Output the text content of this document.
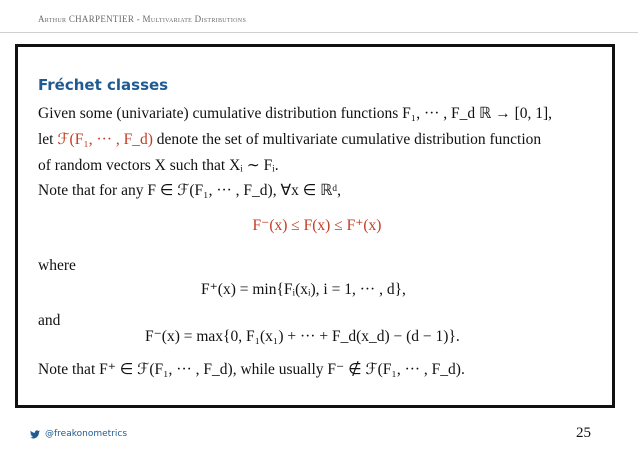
Arthur CHARPENTIER - Multivariate Distributions
Fréchet classes
Given some (univariate) cumulative distribution functions F₁, ··· , F_d ℝ → [0, 1],
let ℱ(F₁, ··· , F_d) denote the set of multivariate cumulative distribution function
of random vectors X such that Xᵢ ∼ Fᵢ.
Note that for any F ∈ ℱ(F₁, ··· , F_d), ∀x ∈ ℝᵈ,
F⁻(x) ≤ F(x) ≤ F⁺(x)
where
F⁺(x) = min{Fᵢ(xᵢ), i = 1, ··· , d},
and
F⁻(x) = max{0, F₁(x₁) + ··· + F_d(x_d) − (d − 1)}.
Note that F⁺ ∈ ℱ(F₁, ··· , F_d), while usually F⁻ ∉ ℱ(F₁, ··· , F_d).
@freakonometrics	25
